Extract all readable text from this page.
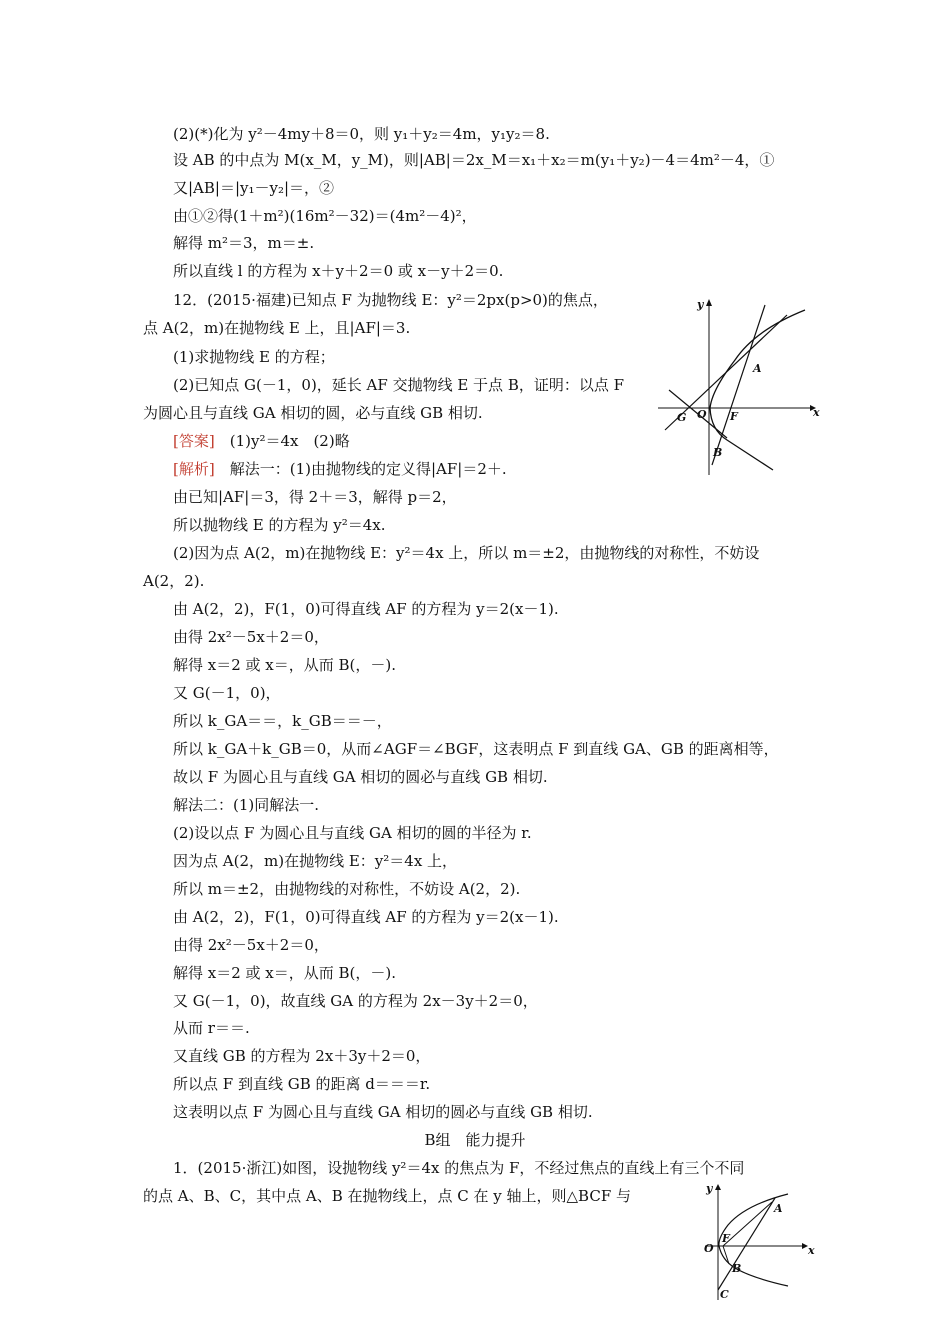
(2)(*)化为 y²－4my＋8＝0，则 y₁＋y₂＝4m，y₁y₂＝8.
设 AB 的中点为 M(x_M，y_M)，则|AB|＝2x_M＝x₁＋x₂＝m(y₁＋y₂)－4＝4m²－4，①
又|AB|＝|y₁－y₂|＝，②
由①②得(1＋m²)(16m²－32)＝(4m²－4)²，
解得 m²＝3，m＝±.
所以直线 l 的方程为 x＋y＋2＝0 或 x－y＋2＝0.
12．(2015·福建)已知点 F 为抛物线 E：y²＝2px(p>0)的焦点，
点 A(2，m)在抛物线 E 上，且|AF|＝3.
(1)求抛物线 E 的方程；
(2)已知点 G(－1，0)，延长 AF 交抛物线 E 于点 B，证明：以点 F
为圆心且与直线 GA 相切的圆，必与直线 GB 相切.
[答案]　(1)y²＝4x　(2)略
[解析]　解法一：(1)由抛物线的定义得|AF|＝2＋.
由已知|AF|＝3，得 2＋＝3，解得 p＝2，
所以抛物线 E 的方程为 y²＝4x.
(2)因为点 A(2，m)在抛物线 E：y²＝4x 上，所以 m＝±2，由抛物线的对称性，不妨设
A(2，2).
由 A(2，2)，F(1，0)可得直线 AF 的方程为 y＝2(x－1).
由得 2x²－5x＋2＝0，
解得 x＝2 或 x＝，从而 B(，－).
又 G(－1，0)，
所以 k_GA＝＝，k_GB＝＝－，
所以 k_GA＋k_GB＝0，从而∠AGF＝∠BGF，这表明点 F 到直线 GA、GB 的距离相等，
故以 F 为圆心且与直线 GA 相切的圆必与直线 GB 相切.
解法二：(1)同解法一.
(2)设以点 F 为圆心且与直线 GA 相切的圆的半径为 r.
因为点 A(2，m)在抛物线 E：y²＝4x 上，
所以 m＝±2，由抛物线的对称性，不妨设 A(2，2).
由 A(2，2)，F(1，0)可得直线 AF 的方程为 y＝2(x－1).
由得 2x²－5x＋2＝0，
解得 x＝2 或 x＝，从而 B(，－).
又 G(－1，0)，故直线 GA 的方程为 2x－3y＋2＝0，
从而 r＝＝.
又直线 GB 的方程为 2x＋3y＋2＝0，
所以点 F 到直线 GB 的距离 d＝＝＝r.
这表明以点 F 为圆心且与直线 GA 相切的圆必与直线 GB 相切.
B组　能力提升
1．(2015·浙江)如图，设抛物线 y²＝4x 的焦点为 F，不经过焦点的直线上有三个不同
的点 A、B、C，其中点 A、B 在抛物线上，点 C 在 y 轴上，则△BCF 与
y
x
A
G O F
B
y
x
A
O
F
B
C
